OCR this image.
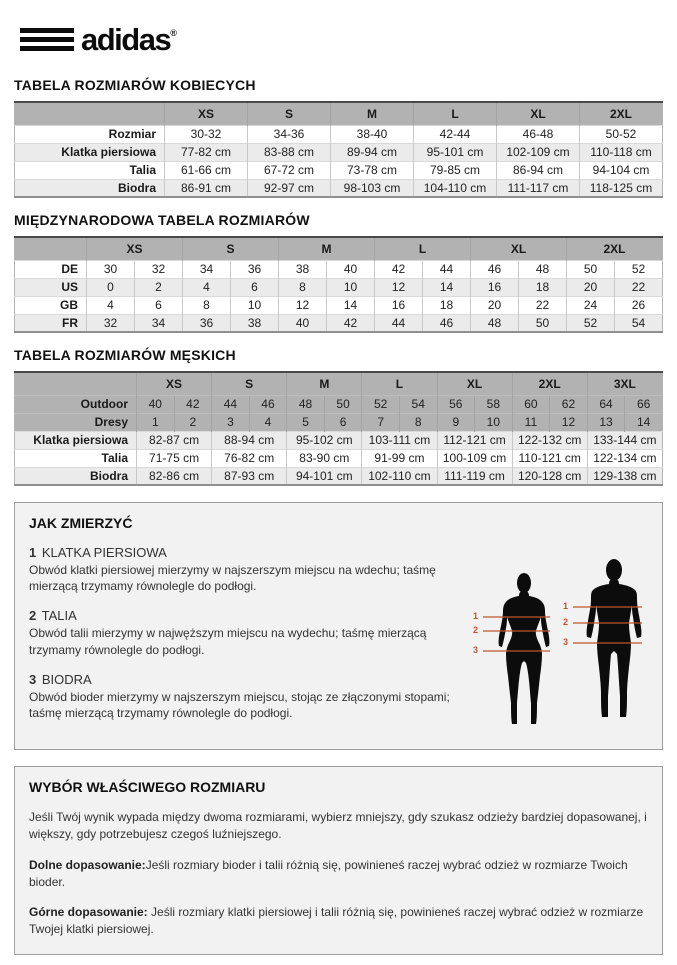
adidas®
TABELA ROZMIARÓW KOBIECYCH
	XS	S	M	L	XL	2XL
Rozmiar	30-32	34-36	38-40	42-44	46-48	50-52
Klatka piersiowa	77-82 cm	83-88 cm	89-94 cm	95-101 cm	102-109 cm	110-118 cm
Talia	61-66 cm	67-72 cm	73-78 cm	79-85 cm	86-94 cm	94-104 cm
Biodra	86-91 cm	92-97 cm	98-103 cm	104-110 cm	111-117 cm	118-125 cm
MIĘDZYNARODOWA TABELA ROZMIARÓW
	XS		S		M		L		XL		2XL	
DE	30	32	34	36	38	40	42	44	46	48	50	52
US	0	2	4	6	8	10	12	14	16	18	20	22
GB	4	6	8	10	12	14	16	18	20	22	24	26
FR	32	34	36	38	40	42	44	46	48	50	52	54
TABELA ROZMIARÓW MĘSKICH
	XS		S		M		L		XL		2XL		3XL	
Outdoor	40	42	44	46	48	50	52	54	56	58	60	62	64	66
Dresy	1	2	3	4	5	6	7	8	9	10	11	12	13	14
Klatka piersiowa	82-87 cm		88-94 cm		95-102 cm		103-111 cm		112-121 cm		122-132 cm		133-144 cm	
Talia	71-75 cm		76-82 cm		83-90 cm		91-99 cm		100-109 cm		110-121 cm		122-134 cm	
Biodra	82-86 cm		87-93 cm		94-101 cm		102-110 cm		111-119 cm		120-128 cm		129-138 cm	
JAK ZMIERZYĆ
1 KLATKA PIERSIOWA
Obwód klatki piersiowej mierzymy w najszerszym miejscu na wdechu; taśmę mierzącą trzymamy równolegle do podłogi.
2 TALIA
Obwód talii mierzymy w najwęższym miejscu na wydechu; taśmę mierzącą trzymamy równolegle do podłogi.
3 BIODRA
Obwód bioder mierzymy w najszerszym miejscu, stojąc ze złączonymi stopami; taśmę mierzącą trzymamy równolegle do podłogi.
1
2
3
1
2
3
WYBÓR WŁAŚCIWEGO ROZMIARU

Jeśli Twój wynik wypada między dwoma rozmiarami, wybierz mniejszy, gdy szukasz odzieży bardziej dopasowanej, i większy, gdy potrzebujesz czegoś luźniejszego.

Dolne dopasowanie:Jeśli rozmiary bioder i talii różnią się, powinieneś raczej wybrać odzież w rozmiarze Twoich bioder.

Górne dopasowanie: Jeśli rozmiary klatki piersiowej i talii różnią się, powinieneś raczej wybrać odzież w rozmiarze Twojej klatki piersiowej.
